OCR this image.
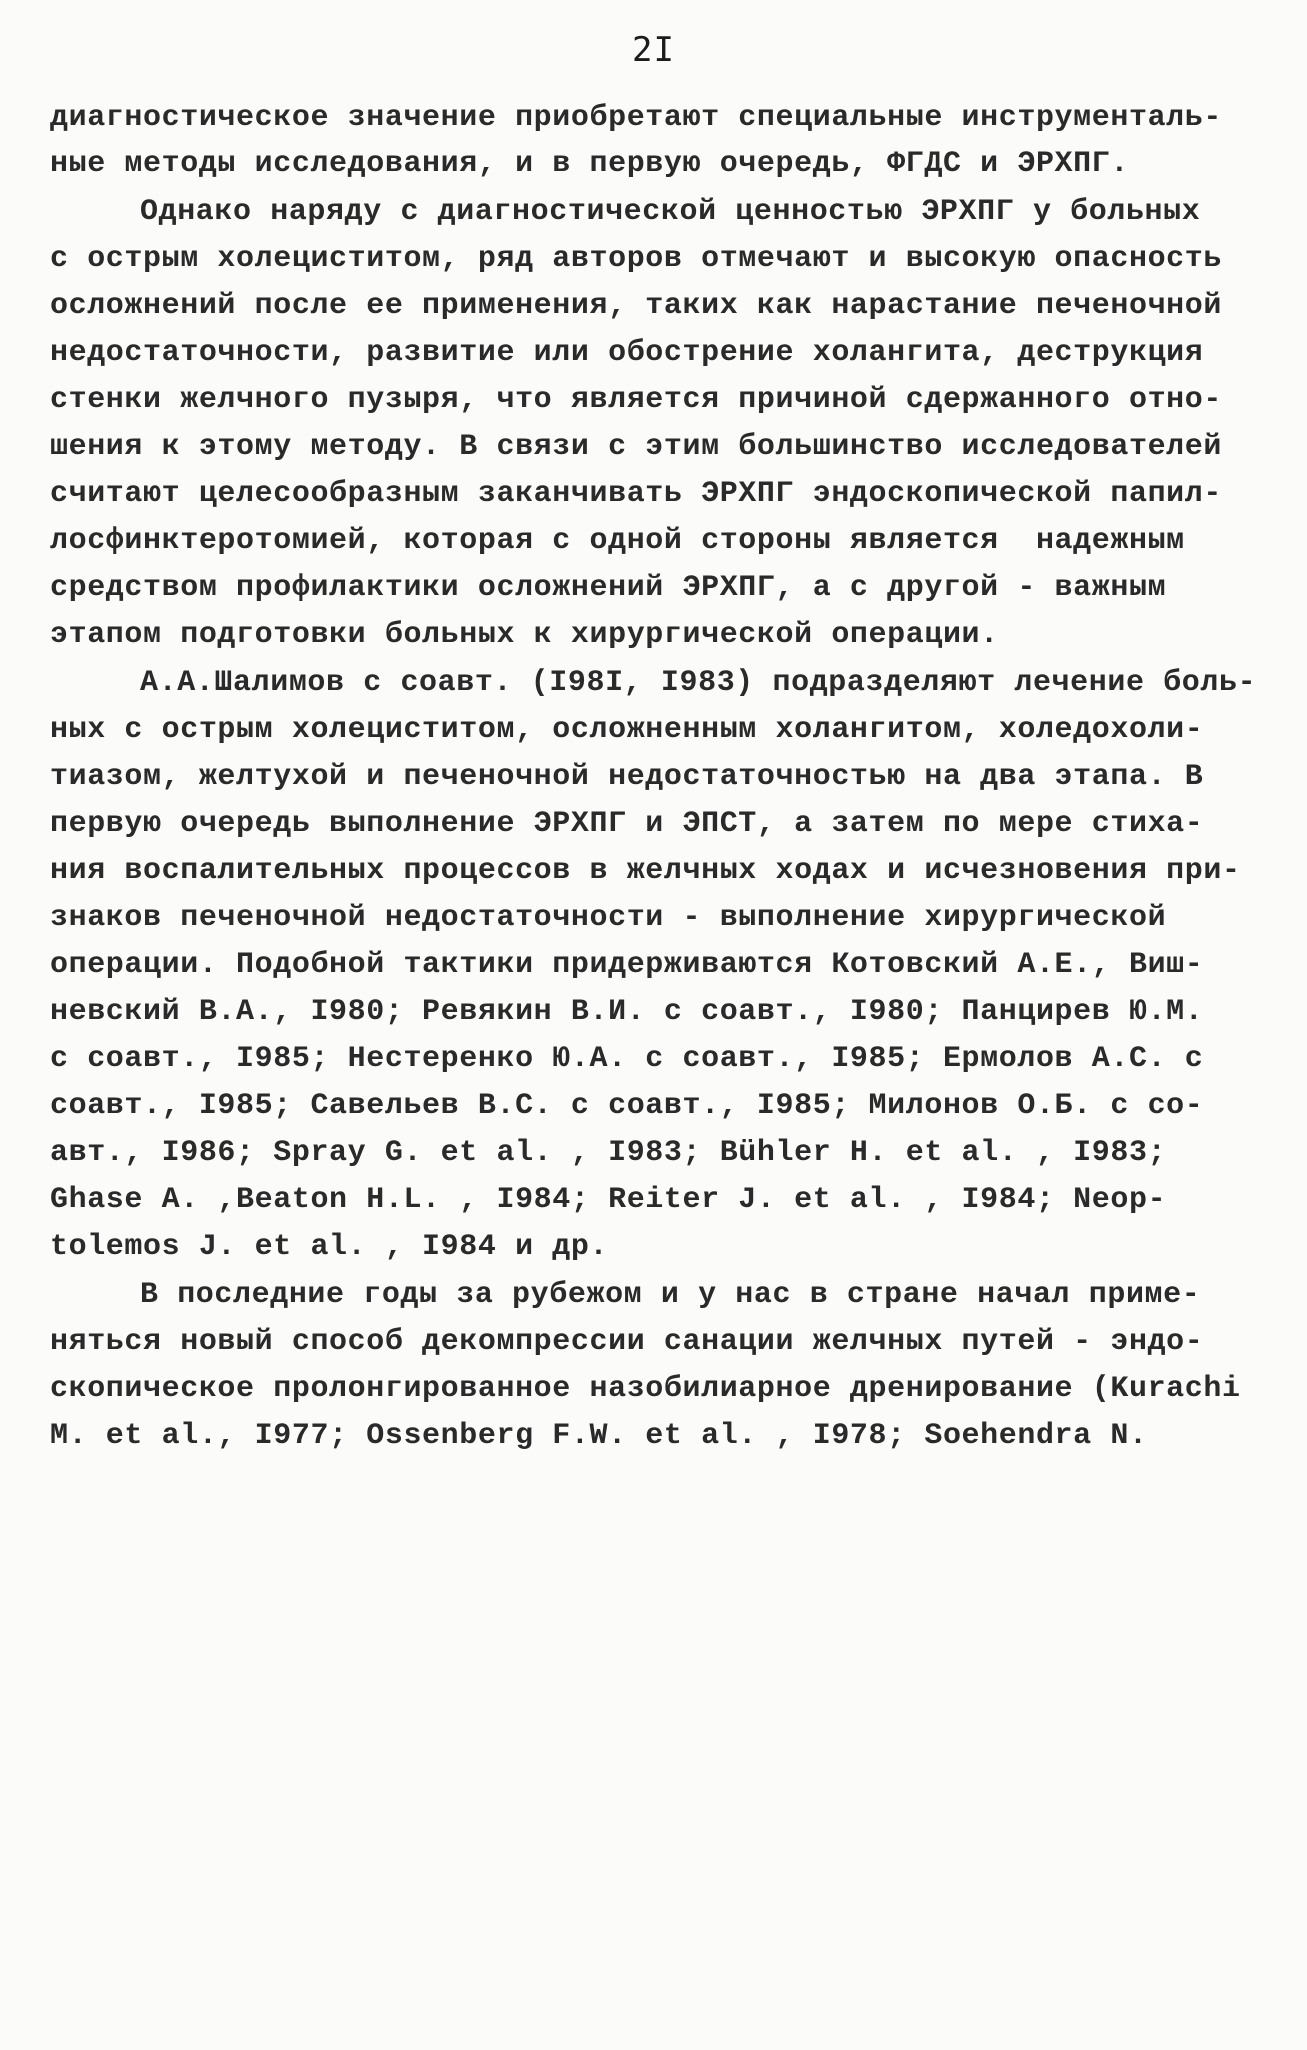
2I
диагностическое значение приобретают специальные инструменталь-
ные методы исследования, и в первую очередь, ФГДС и ЭРХПГ.
Однако наряду с диагностической ценностью ЭРХПГ у больных
с острым холециститом, ряд авторов отмечают и высокую опасность
осложнений после ее применения, таких как нарастание печеночной
недостаточности, развитие или обострение холангита, деструкция
стенки желчного пузыря, что является причиной сдержанного отно-
шения к этому методу. В связи с этим большинство исследователей
считают целесообразным заканчивать ЭРХПГ эндоскопической папил-
лосфинктеротомией, которая с одной стороны является  надежным
средством профилактики осложнений ЭРХПГ, а с другой - важным
этапом подготовки больных к хирургической операции.
А.А.Шалимов с соавт. (I98I, I983) подразделяют лечение боль-
ных с острым холециститом, осложненным холангитом, холедохоли-
тиазом, желтухой и печеночной недостаточностью на два этапа. В
первую очередь выполнение ЭРХПГ и ЭПСТ, а затем по мере стиха-
ния воспалительных процессов в желчных ходах и исчезновения при-
знаков печеночной недостаточности - выполнение хирургической
операции. Подобной тактики придерживаются Котовский А.Е., Виш-
невский В.А., I980; Ревякин В.И. с соавт., I980; Панцирев Ю.М.
с соавт., I985; Нестеренко Ю.А. с соавт., I985; Ермолов А.С. с
соавт., I985; Савельев В.С. с соавт., I985; Милонов О.Б. с со-
авт., I986; Spray G. et al. , I983; Bühler H. et al. , I983;
Ghase A. ,Beaton H.L. , I984; Reiter J. et al. , I984; Neop-
tolemos J. et al. , I984 и др.
В последние годы за рубежом и у нас в стране начал приме-
няться новый способ декомпрессии санации желчных путей - эндо-
скопическое пролонгированное назобилиарное дренирование (Kurachi
M. et al., I977; Ossenberg F.W. et al. , I978; Soehendra N.
